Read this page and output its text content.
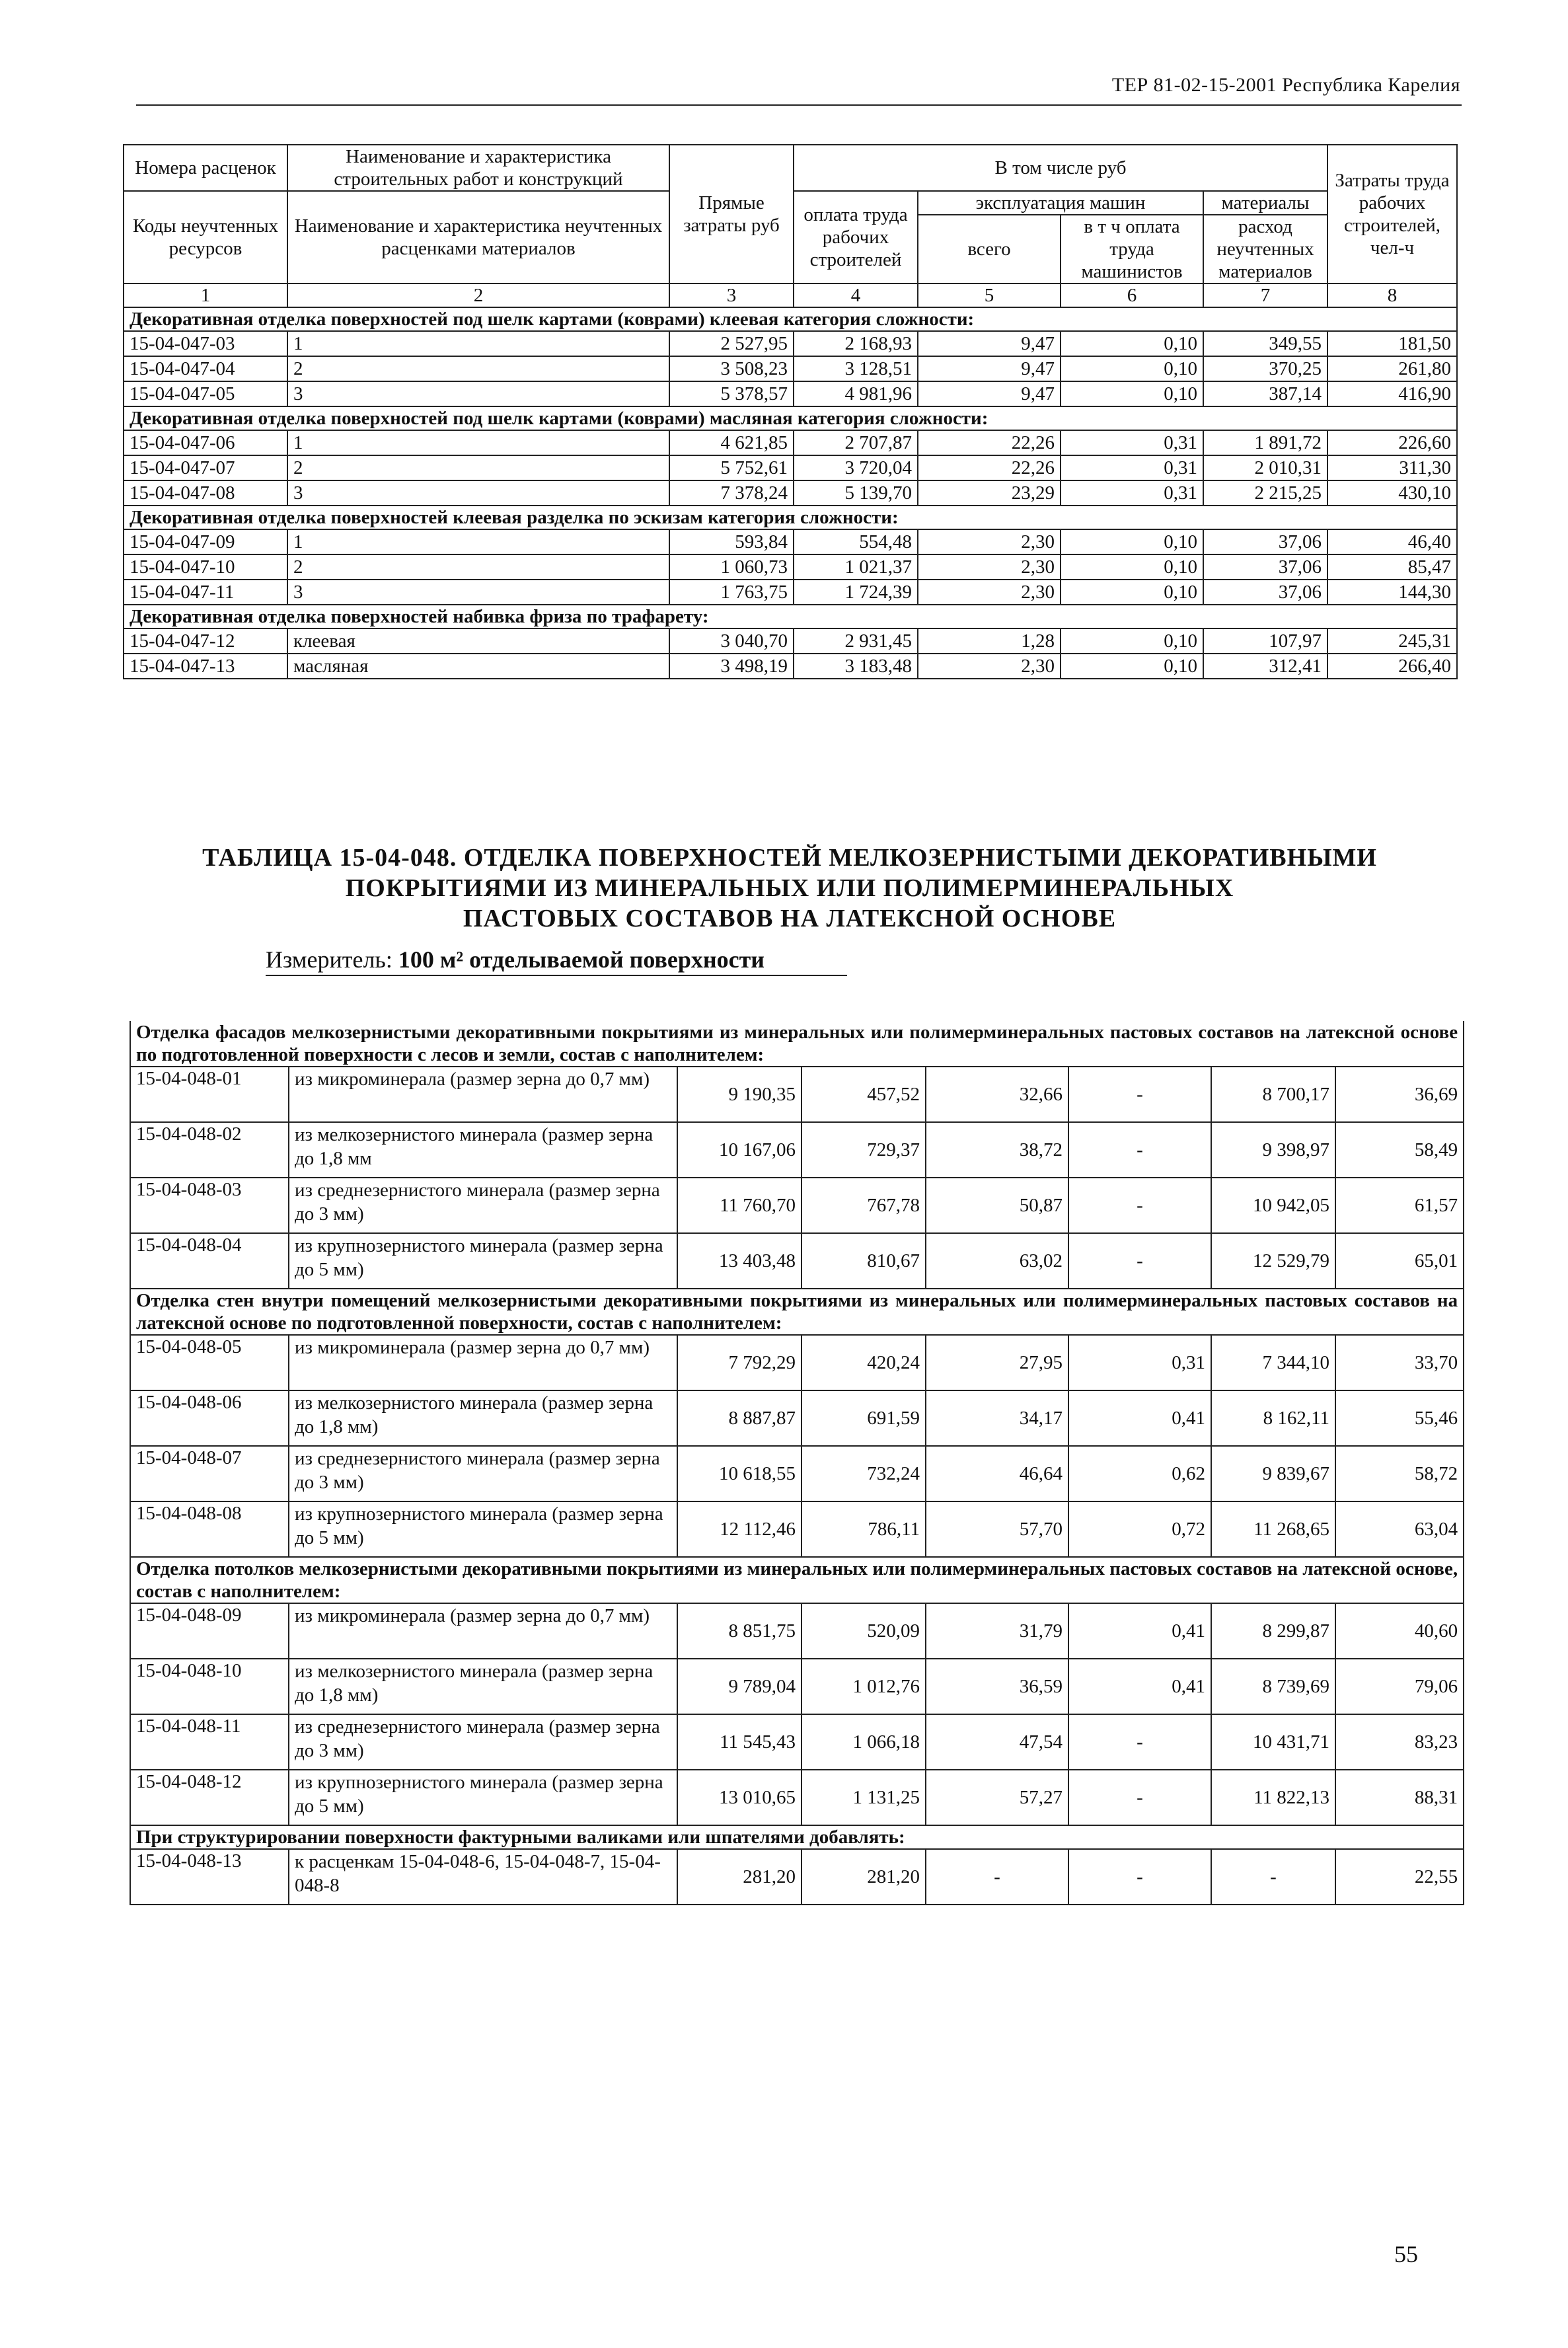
ТЕР 81-02-15-2001 Республика Карелия
Номера расценок	Наименование и характеристика строительных работ и конструкций	Прямые затраты руб	В том числе руб				Затраты труда рабочих строителей, чел-ч
Коды неучтенных ресурсов	Наименование и характеристика неучтенных расценками материалов		оплата труда рабочих строителей	эксплуатация машин		материалы	
				всего	в т ч оплата труда машинистов	расход неучтенных материалов	
1	2	3	4	5	6	7	8
Декоративная отделка поверхностей под шелк картами (коврами) клеевая категория сложности:							
15-04-047-03	1	2 527,95	2 168,93	9,47	0,10	349,55	181,50
15-04-047-04	2	3 508,23	3 128,51	9,47	0,10	370,25	261,80
15-04-047-05	3	5 378,57	4 981,96	9,47	0,10	387,14	416,90
Декоративная отделка поверхностей под шелк картами (коврами) масляная категория сложности:							
15-04-047-06	1	4 621,85	2 707,87	22,26	0,31	1 891,72	226,60
15-04-047-07	2	5 752,61	3 720,04	22,26	0,31	2 010,31	311,30
15-04-047-08	3	7 378,24	5 139,70	23,29	0,31	2 215,25	430,10
Декоративная отделка поверхностей клеевая разделка по эскизам категория сложности:							
15-04-047-09	1	593,84	554,48	2,30	0,10	37,06	46,40
15-04-047-10	2	1 060,73	1 021,37	2,30	0,10	37,06	85,47
15-04-047-11	3	1 763,75	1 724,39	2,30	0,10	37,06	144,30
Декоративная отделка поверхностей набивка фриза по трафарету:							
15-04-047-12	клеевая	3 040,70	2 931,45	1,28	0,10	107,97	245,31
15-04-047-13	масляная	3 498,19	3 183,48	2,30	0,10	312,41	266,40
ТАБЛИЦА 15-04-048. ОТДЕЛКА ПОВЕРХНОСТЕЙ МЕЛКОЗЕРНИСТЫМИ ДЕКОРАТИВНЫМИ
ПОКРЫТИЯМИ ИЗ МИНЕРАЛЬНЫХ ИЛИ ПОЛИМЕРМИНЕРАЛЬНЫХ
ПАСТОВЫХ СОСТАВОВ НА ЛАТЕКСНОЙ ОСНОВЕ
Измеритель: 100 м² отделываемой поверхности
Отделка фасадов мелкозернистыми декоративными покрытиями из минеральных или полимерминеральных пастовых составов на латексной основе по подготовленной поверхности с лесов и земли, состав с наполнителем:							
15-04-048-01	из микроминерала (размер зерна до 0,7 мм)	9 190,35	457,52	32,66	-	8 700,17	36,69
15-04-048-02	из мелкозернистого минерала (размер зерна до 1,8 мм	10 167,06	729,37	38,72	-	9 398,97	58,49
15-04-048-03	из среднезернистого минерала (размер зерна до 3 мм)	11 760,70	767,78	50,87	-	10 942,05	61,57
15-04-048-04	из крупнозернистого минерала (размер зерна до 5 мм)	13 403,48	810,67	63,02	-	12 529,79	65,01
Отделка стен внутри помещений мелкозернистыми декоративными покрытиями из минеральных или полимерминеральных пастовых составов на латексной основе по подготовленной поверхности, состав с наполнителем:							
15-04-048-05	из микроминерала (размер зерна до 0,7 мм)	7 792,29	420,24	27,95	0,31	7 344,10	33,70
15-04-048-06	из мелкозернистого минерала (размер зерна до 1,8 мм)	8 887,87	691,59	34,17	0,41	8 162,11	55,46
15-04-048-07	из среднезернистого минерала (размер зерна до 3 мм)	10 618,55	732,24	46,64	0,62	9 839,67	58,72
15-04-048-08	из крупнозернистого минерала (размер зерна до 5 мм)	12 112,46	786,11	57,70	0,72	11 268,65	63,04
Отделка потолков мелкозернистыми декоративными покрытиями из минеральных или полимерминеральных пастовых составов на латексной основе, состав с наполнителем:							
15-04-048-09	из микроминерала (размер зерна до 0,7 мм)	8 851,75	520,09	31,79	0,41	8 299,87	40,60
15-04-048-10	из мелкозернистого минерала (размер зерна до 1,8 мм)	9 789,04	1 012,76	36,59	0,41	8 739,69	79,06
15-04-048-11	из среднезернистого минерала (размер зерна до 3 мм)	11 545,43	1 066,18	47,54	-	10 431,71	83,23
15-04-048-12	из крупнозернистого минерала (размер зерна до 5 мм)	13 010,65	1 131,25	57,27	-	11 822,13	88,31
При структурировании поверхности фактурными валиками или шпателями добавлять:							
15-04-048-13	к расценкам 15-04-048-6, 15-04-048-7, 15-04-048-8	281,20	281,20	-	-	-	22,55
55
